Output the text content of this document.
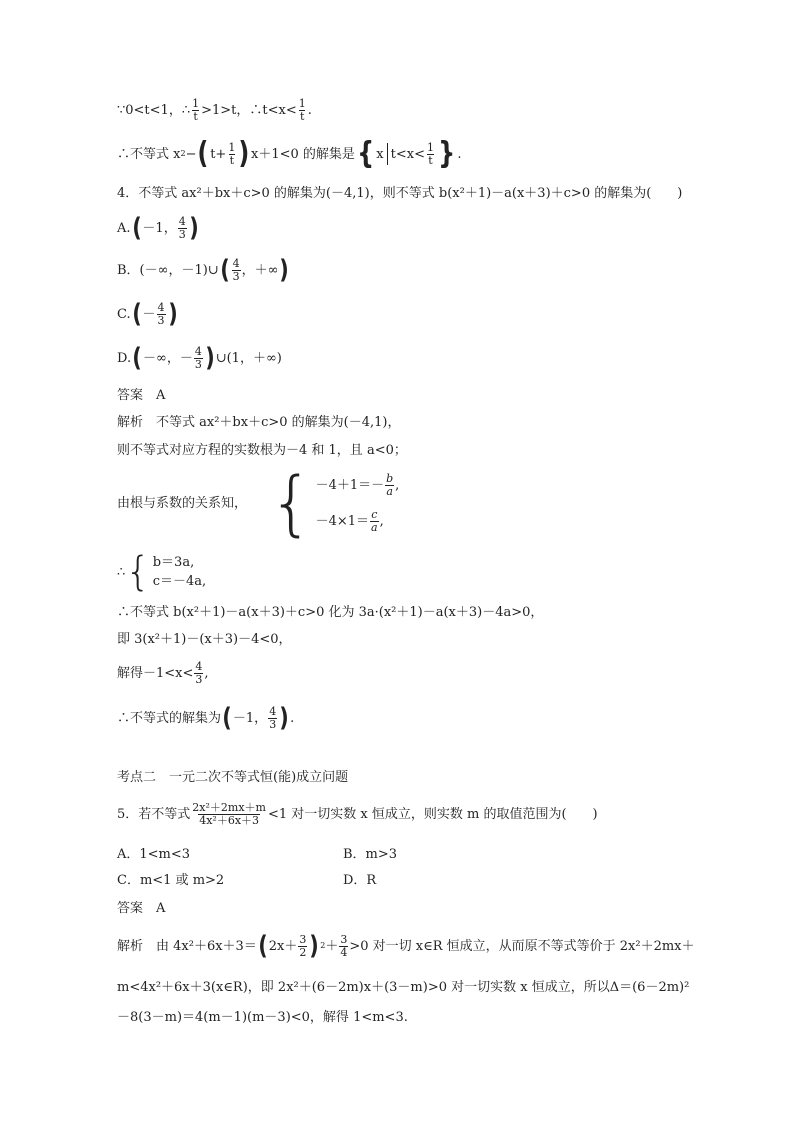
∵0<t<1，∴ $\frac{1}{t} >1>t$，∴t<x< $\frac{1}{t}$ .
∴不等式 x 2 − ( $t+ \frac{1}{t}$ ) x＋1<0 的解集是 { x $t<x< \frac{1}{t}$ } .
4．不等式 ax²＋bx＋c>0 的解集为(－4,1)，则不等式 b(x²＋1)－a(x＋3)＋c>0 的解集为(　　)
A. ( －1， $\frac{4}{3}$ )
B．(－∞，－1)∪ ( $\frac{4}{3}$ ，＋∞ )
C. ( － $\frac{4}{3}$ )
D. ( －∞，－ $\frac{4}{3}$ ) ∪(1，＋∞)
答案　A
解析　不等式 ax²＋bx＋c>0 的解集为(－4,1)，
则不等式对应方程的实数根为－4 和 1，且 a<0；
由根与系数的关系知， { $-4+1=- \frac{b}{a}$ ,
$-4\times 1= \frac{c}{a}$ ,
∴ { b＝3a,
c＝－4a,
∴不等式 b(x²＋1)－a(x＋3)＋c>0 化为 3a·(x²＋1)－a(x＋3)－4a>0，
即 3(x²＋1)－(x＋3)－4<0，
解得$-1<x< \frac{4}{3}$ ,
∴不等式的解集为 ( －1， $\frac{4}{3}$ ) .
考点二　一元二次不等式恒(能)成立问题
5．若不等式 $\frac{\text{2x²＋2mx＋m}}{\text{4x²＋6x＋3}} <1$ 对一切实数 x 恒成立，则实数 m 的取值范围为(　　)
A．1<m<3	B．m>3
C．m<1 或 m>2	D．R
答案　A
解析　由 4x²＋6x＋3＝ ( $2x+ \frac{3}{2}$ ) $2 + \frac{3}{4} >0$ 对一切 x∈R 恒成立，从而原不等式等价于 2x²＋2mx＋
m<4x²＋6x＋3(x∈R)，即 2x²＋(6－2m)x＋(3－m)>0 对一切实数 x 恒成立，所以Δ＝(6－2m)²
－8(3－m)＝4(m－1)(m－3)<0，解得 1<m<3.
